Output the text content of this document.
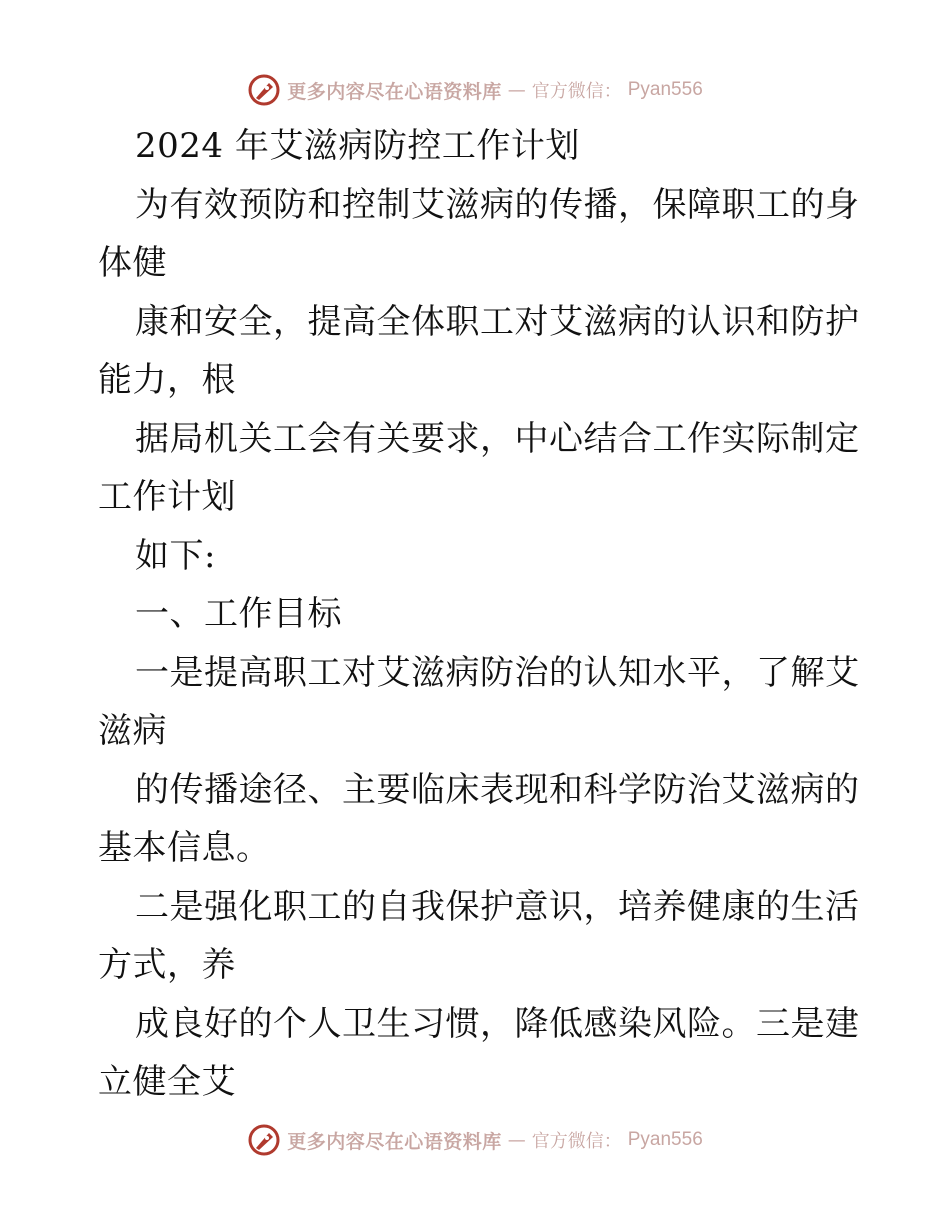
更多内容尽在心语资料库 — 官方微信： Pyan556
2024 年艾滋病防控工作计划
为有效预防和控制艾滋病的传播，保障职工的身
体健
康和安全，提高全体职工对艾滋病的认识和防护
能力，根
据局机关工会有关要求，中心结合工作实际制定
工作计划
如下:
一、工作目标
一是提高职工对艾滋病防治的认知水平，了解艾
滋病
的传播途径、主要临床表现和科学防治艾滋病的
基本信息。
二是强化职工的自我保护意识，培养健康的生活
方式，养
成良好的个人卫生习惯，降低感染风险。三是建
立健全艾
更多内容尽在心语资料库 — 官方微信： Pyan556
